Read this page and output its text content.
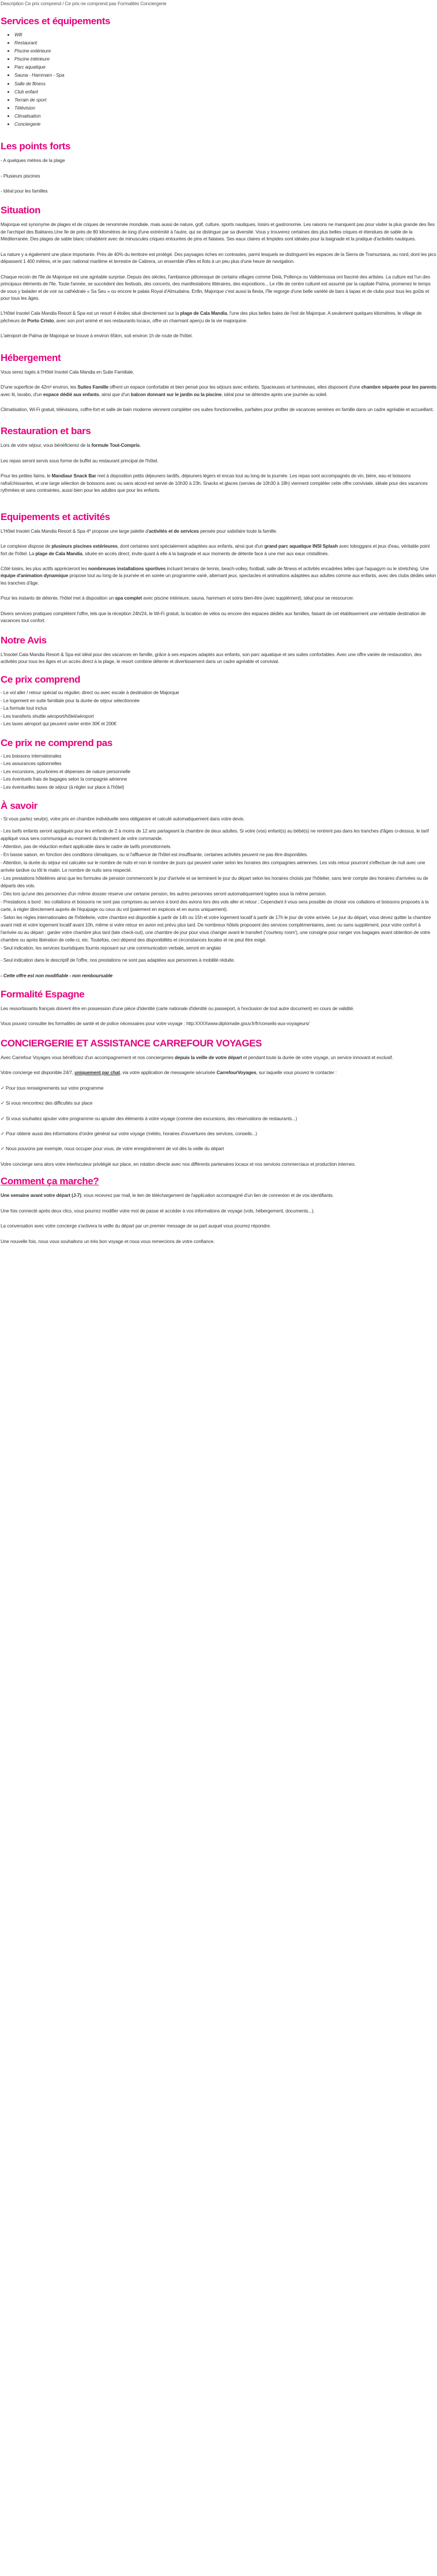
Description Ce prix comprend / Ce prix ne comprend pas Formalités Conciergerie
Services et équipements
• Wifi
• Restaurant
• Piscine extérieure
• Piscine intérieure
• Parc aquatique
• Sauna - Hammam - Spa
• Salle de fitness
• Club enfant
• Terrain de sport
• Télévision
• Climatisation
• Conciergerie
Les points forts

- A quelques mètres de la plage

- Plusieurs piscines

- Idéal pour les familles

Situation

Majorque est synonyme de plages et de criques de renommée mondiale, mais aussi de nature, golf, culture, sports nautiques, loisirs et gastronomie. Les raisons ne manquent pas pour visiter la plus grande des îles de l'archipel des Baléares.Une île de près de 80 kilomètres de long d'une extrémité à l'autre, qui se distingue par sa diversité. Vous y trouverez certaines des plus belles criques et étendues de sable de la Méditerranée. Des plages de sable blanc cohabitent avec de minuscules criques entourées de pins et falaises. Ses eaux claires et limpides sont idéales pour la baignade et la pratique d'activités nautiques.

La nature y a également une place importante. Près de 40% du territoire est protégé. Des paysages riches en contrastes, parmi lesquels se distinguent les espaces de la Sierra de Tramuntana, au nord, dont les pics dépassent 1 400 mètres, et le parc national maritime et terrestre de Cabrera, un ensemble d'îles et îlots à un peu plus d'une heure de navigation.

Chaque recoin de l'île de Majorque est une agréable surprise. Depuis des siècles, l'ambiance pittoresque de certains villages comme Deià, Pollença ou Valldemossa ont fasciné des artistes. La culture est l'un des principaux éléments de l'île. Toute l'année, se succèdent des festivals, des concerts, des manifestations littéraires, des expositions... Le rôle de centre culturel est assumé par la capitale Palma, promenez le temps de vous y balader et de voir sa cathédrale « Sa Seu » ou encore le palais Royal d'Almudaina. Enfin, Majorque c'est aussi la fiesta, l'île regorge d'une belle variété de bars à tapas et de clubs pour tous les goûts et pour tous les âges.

L'Hôtel Insotel Cala Mandia Resort & Spa est un resort 4 étoiles situé directement sur la plage de Cala Mandia, l'une des plus belles baies de l'est de Majorque. A seulement quelques kilomètres, le village de pêcheurs de Porto Cristo, avec son port animé et ses restaurants locaux, offre un charmant aperçu de la vie majorquine.

L'aéroport de Palma de Majorque se trouve à environ 65km, soit environ 1h de route de l'hôtel.

Hébergement

Vous serez logés à l'Hôtel Insotel Cala Mandia en Suite Familiale.

D'une superficie de 42m² environ, les Suites Famille offrent un espace confortable et bien pensé pour les séjours avec enfants. Spacieuses et lumineuses, elles disposent d'une chambre séparée pour les parents avec lit, lavabo, d'un espace dédié aux enfants, ainsi que d'un balcon donnant sur le jardin ou la piscine, idéal pour se détendre après une journée au soleil.

Climatisation, Wi-Fi gratuit, télévisions, coffre-fort et salle de bain moderne viennent compléter ces suites fonctionnelles, parfaites pour profiter de vacances sereines en famille dans un cadre agréable et accueillant.

Restauration et bars

Lors de votre séjour, vous bénéficierez de la formule Tout-Compris.

Les repas seront servis sous forme de buffet au restaurant principal de l'hôtel.

Pour les petites faims, le Mandiaur Snack Bar met à disposition petits déjeuners tardifs, déjeuners légers et encas tout au long de la journée. Les repas sont accompagnés de vin, bière, eau et boissons rafraîchissantes, et une large sélection de boissons avec ou sans alcool est servie de 10h30 à 23h. Snacks et glaces (servies de 10h30 à 18h) viennent compléter cette offre conviviale, idéale pour des vacances rythmées et sans contraintes, aussi bien pour les adultes que pour les enfants.

Equipements et activités

L'Hôtel Insotel Cala Mandia Resort & Spa 4* propose une large palette d'activités et de services pensée pour satisfaire toute la famille.

Le complexe dispose de plusieurs piscines extérieures, dont certaines sont spécialement adaptées aux enfants, ainsi que d'un grand parc aquatique INSI Splash avec toboggans et jeux d'eau, véritable point fort de l'hôtel. La plage de Cala Mandia, située en accès direct, invite quant à elle à la baignade et aux moments de détente face à une mer aux eaux cristallines.

Côté loisirs, les plus actifs apprécieront les nombreuses installations sportives incluant terrains de tennis, beach-volley, football, salle de fitness et activités encadrées telles que l'aquagym ou le stretching. Une équipe d'animation dynamique propose tout au long de la journée et en soirée un programme varié, alternant jeux, spectacles et animations adaptées aux adultes comme aux enfants, avec des clubs dédiés selon les tranches d'âge.

Pour les instants de détente, l'hôtel met à disposition un spa complet avec piscine intérieure, sauna, hammam et soins bien-être (avec supplément), idéal pour se ressourcer.

Divers services pratiques complètent l'offre, tels que la réception 24h/24, le Wi-Fi gratuit, la location de vélos ou encore des espaces dédiés aux familles, faisant de cet établissement une véritable destination de vacances tout confort.

Notre Avis

L'Insotel Cala Mandia Resort & Spa est idéal pour des vacances en famille, grâce à ses espaces adaptés aux enfants, son parc aquatique et ses suites confortables. Avec une offre variée de restauration, des activités pour tous les âges et un accès direct à la plage, le resort combine détente et divertissement dans un cadre agréable et convivial.

Ce prix comprend

- Le vol aller / retour spécial ou régulier, direct ou avec escale à destination de Majorque

- Le logement en suite familiale pour la durée de séjour sélectionnée

- La formule tout inclus

- Les transferts shuttle aéroport/hôtel/aéroport

- Les taxes aéroport qui peuvent varier entre 30€ et 200€

Ce prix ne comprend pas

- Les boissons internationales

- Les assurances optionnelles

- Les excursions, pourboires et dépenses de nature personnelle

- Les éventuels frais de bagages selon la compagnie aérienne

- Les éventuelles taxes de séjour (à régler sur place à l'hôtel)

À savoir

- Si vous partez seul(e), votre prix en chambre individuelle sera obligatoire et calculé automatiquement dans votre devis.

- Les tarifs enfants seront appliqués pour les enfants de 2 à moins de 12 ans partageant la chambre de deux adultes. Si votre (vos) enfant(s) au bébé(s) ne rentrent pas dans les tranches d'âges ci-dessus, le tarif appliqué vous sera communiqué au moment du traitement de votre commande.

- Attention, pas de réduction enfant applicable dans le cadre de tarifs promotionnels.

- En basse saison, en fonction des conditions climatiques, ou si l'affluence de l'hôtel est insuffisante, certaines activités peuvent ne pas être disponibles.

- Attention, la durée du séjour est calculée sur le nombre de nuits et non le nombre de jours qui peuvent varier selon les horaires des compagnies aériennes. Les vols retour pourront s'effectuer de nuit avec une arrivée tardive ou tôt le matin. Le nombre de nuits sera respecté.

- Les prestations hôtelières ainsi que les formules de pension commencent le jour d'arrivée et se terminent le jour du départ selon les horaires choisis par l'hôtelier, sans tenir compte des horaires d'arrivées ou de départs des vols.

- Dès lors qu'une des personnes d'un même dossier réserve une certaine pension, les autres personnes seront automatiquement logées sous la même pension.

- Prestations à bord : les collations et boissons ne sont pas comprises au service à bord des avions lors des vols aller et retour ; Cependant il vous sera possible de choisir vos collations et boissons proposés à la carte, à régler directement auprès de l'équipage ou ceux du vol (paiement en espèces et en euros uniquement).

- Selon les règles internationales de l'hôtellerie, votre chambre est disponible à partir de 14h ou 15h et votre logement locatif à partir de 17h le jour de votre arrivée. Le jour du départ, vous devez quitter la chambre avant midi et votre logement locatif avant 10h, même si votre retour en avion est prévu plus tard. De nombreux hôtels proposent des services complémentaires, avec ou sans supplément, pour votre confort à l'arrivée ou au départ : garder votre chambre plus tard (late check-out), une chambre de jour pour vous changer avant le transfert ('courtesy room'), une consigne pour ranger vos bagages avant obtention de votre chambre ou après libération de celle-ci, etc. Toutefois, ceci dépend des disponibilités et circonstances locales et ne peut être exigé.

- Seul indication, les services touristiques fournis reposant sur une communication verbale, seront en anglais

- Seul indication dans le descriptif de l'offre, nos prestations ne sont pas adaptées aux personnes à mobilité réduite.

- Cette offre est non modifiable - non remboursable

Formalité Espagne

Les ressortissants français doivent être en possession d'une pièce d'identité (carte nationale d'identité ou passeport, à l'exclusion de tout autre document) en cours de validité.

Vous pouvez consulter les formalités de santé et de police nécessaires pour votre voyage : http:XXXXwww.diplomatie.gouv.fr/fr/conseils-aux-voyageurs/

CONCIERGERIE ET ASSISTANCE CARREFOUR VOYAGES

Avec Carrefour Voyages vous bénéficiez d'un accompagnement et nos conciergeries depuis la veille de votre départ et pendant toute la durée de votre voyage, un service innovant et exclusif.

Votre concierge est disponible 24/7, uniquement par chat, via votre application de messagerie sécurisée CarrefourVoyages, sur laquelle vous pouvez le contacter :

✓ Pour tous renseignements sur votre programme

✓ Si vous rencontrez des difficultés sur place

✓ Si vous souhaitez ajouter votre programme ou ajouter des éléments à votre voyage (comme des excursions, des réservations de restaurants...)

✓ Pour obtenir aussi des informations d'ordre général sur votre voyage (météo, horaires d'ouvertures des services, conseils...)

✓ Nous pouvons par exemple, nous occuper pour vous, de votre enregistrement de vol dès la veille du départ

Votre concierge sera alors votre interlocuteur privilégié sur place, en rotation directe avec nos différents partenaires locaux et nos services commerciaux et production internes.

Comment ça marche?

Une semaine avant votre départ (J-7), vous recevrez par mail, le lien de téléchargement de l'application accompagné d'un lien de connexion et de vos identifiants.

Une fois connecté après deux clics, vous pourrez modifier votre mot de passe et accéder à vos informations de voyage (vols, hébergement, documents...).

La conversation avec votre concierge s'activera la veille du départ par un premier message de sa part auquel vous pourrez répondre.

Une nouvelle fois, nous vous souhaitons un très bon voyage et nous vous remercions de votre confiance.
